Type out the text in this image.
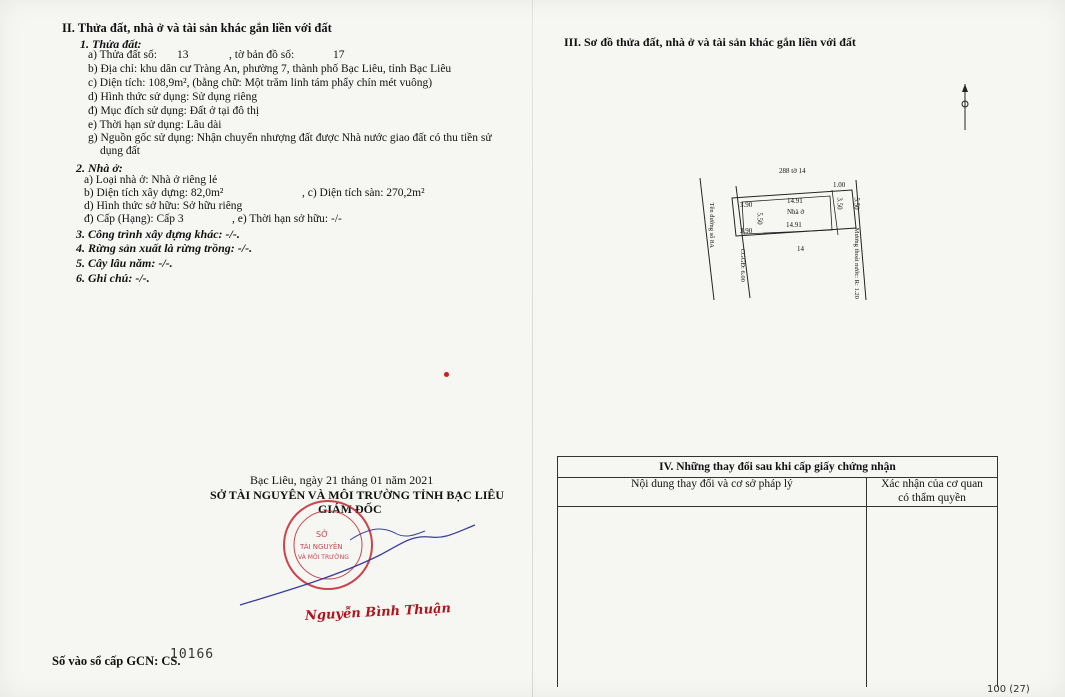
II. Thửa đất, nhà ở và tài sản khác gắn liền với đất
1. Thửa đất:
a) Thửa đất số: 13	, tờ bản đồ số:	17
b) Địa chỉ: khu dân cư Tràng An, phường 7, thành phố Bạc Liêu, tỉnh Bạc Liêu
c) Diện tích: 108,9m², (bằng chữ: Một trăm linh tám phẩy chín mét vuông)
d) Hình thức sử dụng: Sử dụng riêng
đ) Mục đích sử dụng: Đất ở tại đô thị
e) Thời hạn sử dụng: Lâu dài
g) Nguồn gốc sử dụng: Nhận chuyển nhượng đất được Nhà nước giao đất có thu tiền sử
dụng đất
2. Nhà ở:
a) Loại nhà ở: Nhà ở riêng lẻ
b) Diện tích xây dựng: 82,0m²	, c) Diện tích sàn: 270,2m²
d) Hình thức sở hữu: Sở hữu riêng
đ) Cấp (Hạng): Cấp 3	, e) Thời hạn sở hữu: -/-
3. Công trình xây dựng khác: -/-.
4. Rừng sản xuất là rừng trồng: -/-.
5. Cây lâu năm: -/-.
6. Ghi chú: -/-.
Bạc Liêu, ngày 21 tháng 01 năm 2021
SỞ TÀI NGUYÊN VÀ MÔI TRƯỜNG TỈNH BẠC LIÊU
GIÁM ĐỐC
SỞ
TÀI NGUYÊN
VÀ MÔI TRƯỜNG
Nguyễn Bình Thuận
Số vào sổ cấp GCN: CS.
10166
III. Sơ đồ thửa đất, nhà ở và tài sản khác gắn liền với đất
288 tờ 14
14.91
Nhà ở
14.91
3.90
3.90
1.00
3.50 5.50
5.50
14
Tên đường số 8A
CGGĐ: 6.00	Mương thoát nước: R: 1.20
IV. Những thay đổi sau khi cấp giấy chứng nhận	
Nội dung thay đổi và cơ sở pháp lý	Xác nhận của cơ quan
có thẩm quyền

100 (27)
